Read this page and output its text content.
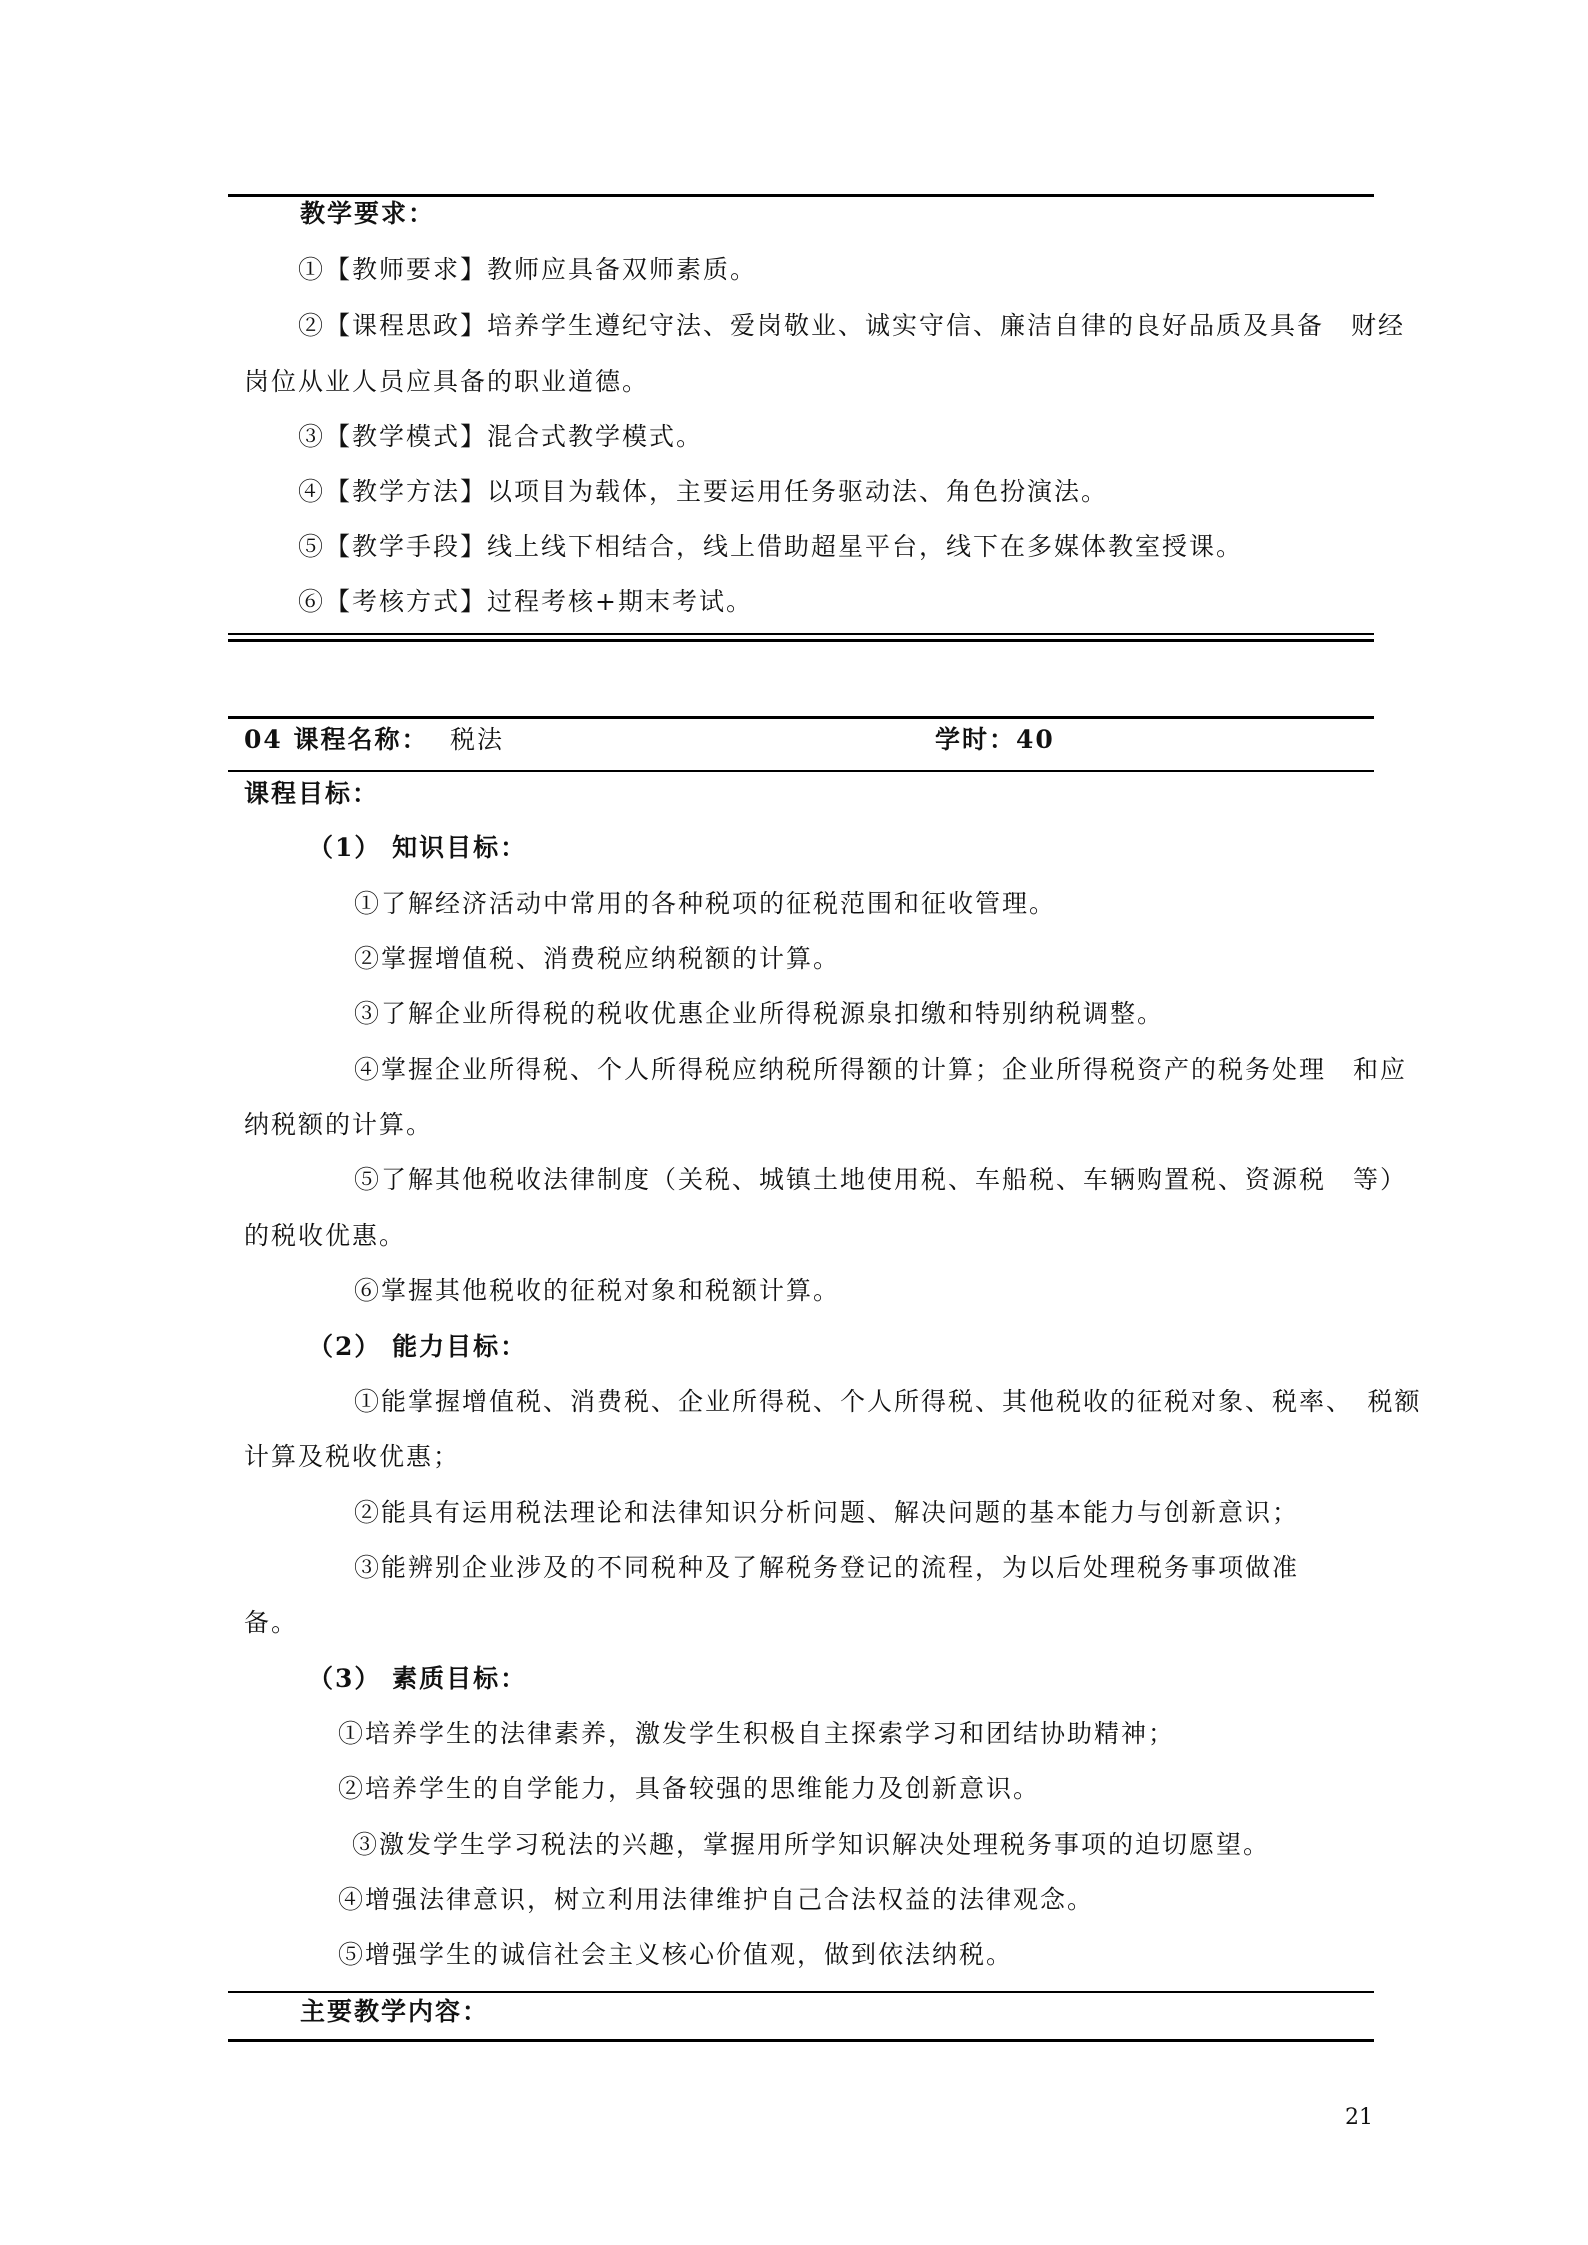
教学要求：
①【教师要求】教师应具备双师素质。
②【课程思政】培养学生遵纪守法、爱岗敬业、诚实守信、廉洁自律的良好品质及具备　财经
岗位从业人员应具备的职业道德。
③【教学模式】混合式教学模式。
④【教学方法】以项目为载体，主要运用任务驱动法、角色扮演法。
⑤【教学手段】线上线下相结合，线上借助超星平台，线下在多媒体教室授课。
⑥【考核方式】过程考核+期末考试。
04 课程名称： 税法	学时：40
课程目标：
（1） 知识目标：
①了解经济活动中常用的各种税项的征税范围和征收管理。
②掌握增值税、消费税应纳税额的计算。
③了解企业所得税的税收优惠企业所得税源泉扣缴和特别纳税调整。
④掌握企业所得税、个人所得税应纳税所得额的计算；企业所得税资产的税务处理　和应
纳税额的计算。
⑤了解其他税收法律制度（关税、城镇土地使用税、车船税、车辆购置税、资源税　等）
的税收优惠。
⑥掌握其他税收的征税对象和税额计算。
（2） 能力目标：
①能掌握增值税、消费税、企业所得税、个人所得税、其他税收的征税对象、税率、　税额
计算及税收优惠；
②能具有运用税法理论和法律知识分析问题、解决问题的基本能力与创新意识；
③能辨别企业涉及的不同税种及了解税务登记的流程，为以后处理税务事项做准
备。
（3） 素质目标：
①培养学生的法律素养，激发学生积极自主探索学习和团结协助精神；
②培养学生的自学能力，具备较强的思维能力及创新意识。
③激发学生学习税法的兴趣，掌握用所学知识解决处理税务事项的迫切愿望。
④增强法律意识，树立利用法律维护自己合法权益的法律观念。
⑤增强学生的诚信社会主义核心价值观，做到依法纳税。
主要教学内容：
21
